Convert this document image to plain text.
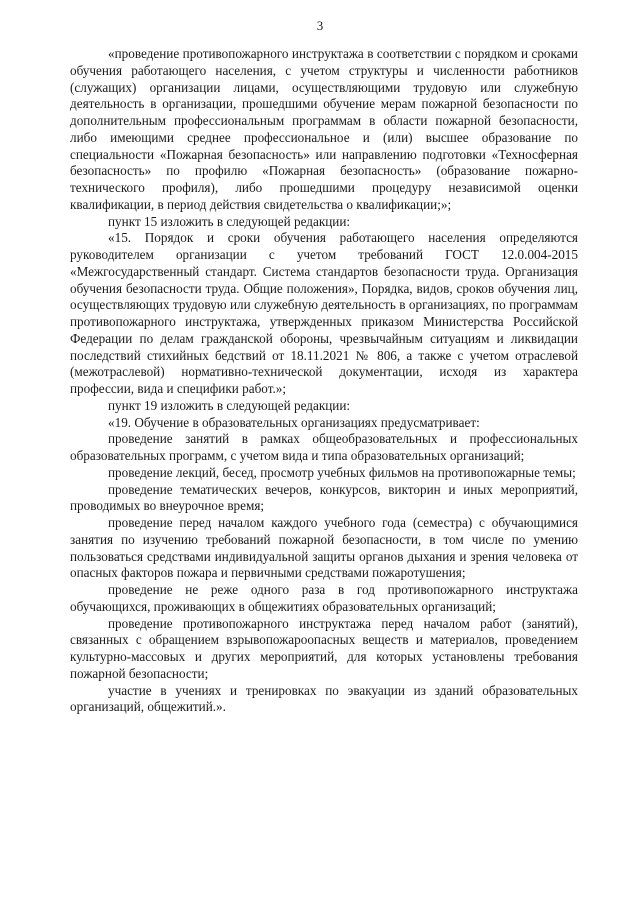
3

«проведение противопожарного инструктажа в соответствии с порядком и сроками обучения работающего населения, с учетом структуры и численности работников (служащих) организации лицами, осуществляющими трудовую или служебную деятельность в организации, прошедшими обучение мерам пожарной безопасности по дополнительным профессиональным программам в области пожарной безопасности, либо имеющими среднее профессиональное и (или) высшее образование по специальности «Пожарная безопасность» или направлению подготовки «Техносферная безопасность» по профилю «Пожарная безопасность» (образование пожарно-технического профиля), либо прошедшими процедуру независимой оценки квалификации, в период действия свидетельства о квалификации;»;

пункт 15 изложить в следующей редакции:

«15. Порядок и сроки обучения работающего населения определяются руководителем организации с учетом требований ГОСТ 12.0.004-2015 «Межгосударственный стандарт. Система стандартов безопасности труда. Организация обучения безопасности труда. Общие положения», Порядка, видов, сроков обучения лиц, осуществляющих трудовую или служебную деятельность в организациях, по программам противопожарного инструктажа, утвержденных приказом Министерства Российской Федерации по делам гражданской обороны, чрезвычайным ситуациям и ликвидации последствий стихийных бедствий от 18.11.2021 № 806, а также с учетом отраслевой (межотраслевой) нормативно-технической документации, исходя из характера профессии, вида и специфики работ.»;

пункт 19 изложить в следующей редакции:

«19. Обучение в образовательных организациях предусматривает:

проведение занятий в рамках общеобразовательных и профессиональных образовательных программ, с учетом вида и типа образовательных организаций;

проведение лекций, бесед, просмотр учебных фильмов на противопожарные темы;

проведение тематических вечеров, конкурсов, викторин и иных мероприятий, проводимых во внеурочное время;

проведение перед началом каждого учебного года (семестра) с обучающимися занятия по изучению требований пожарной безопасности, в том числе по умению пользоваться средствами индивидуальной защиты органов дыхания и зрения человека от опасных факторов пожара и первичными средствами пожаротушения;

проведение не реже одного раза в год противопожарного инструктажа обучающихся, проживающих в общежитиях образовательных организаций;

проведение противопожарного инструктажа перед началом работ (занятий), связанных с обращением взрывопожароопасных веществ и материалов, проведением культурно-массовых и других мероприятий, для которых установлены требования пожарной безопасности;

участие в учениях и тренировках по эвакуации из зданий образовательных организаций, общежитий.».
